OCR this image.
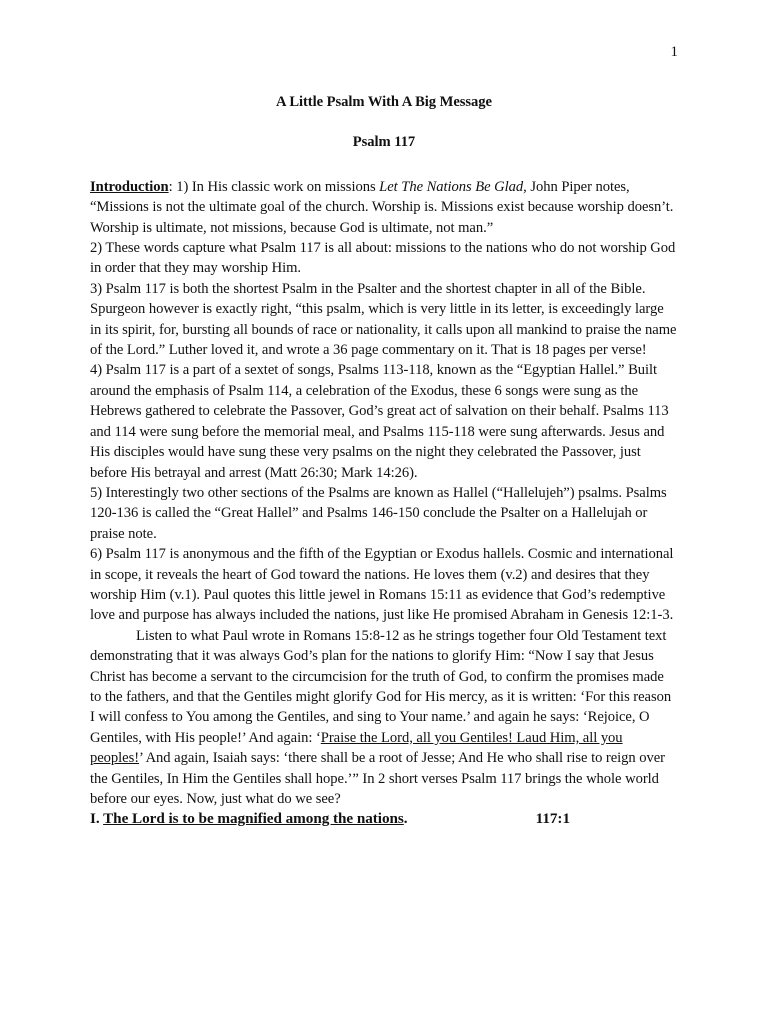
1

A Little Psalm With A Big Message

Psalm 117

Introduction: 1) In His classic work on missions Let The Nations Be Glad, John Piper notes, “Missions is not the ultimate goal of the church. Worship is. Missions exist because worship doesn’t. Worship is ultimate, not missions, because God is ultimate, not man.”

2) These words capture what Psalm 117 is all about: missions to the nations who do not worship God in order that they may worship Him.

3) Psalm 117 is both the shortest Psalm in the Psalter and the shortest chapter in all of the Bible. Spurgeon however is exactly right, “this psalm, which is very little in its letter, is exceedingly large in its spirit, for, bursting all bounds of race or nationality, it calls upon all mankind to praise the name of the Lord.” Luther loved it, and wrote a 36 page commentary on it. That is 18 pages per verse!

4) Psalm 117 is a part of a sextet of songs, Psalms 113-118, known as the “Egyptian Hallel.” Built around the emphasis of Psalm 114, a celebration of the Exodus, these 6 songs were sung as the Hebrews gathered to celebrate the Passover, God’s great act of salvation on their behalf. Psalms 113 and 114 were sung before the memorial meal, and Psalms 115-118 were sung afterwards. Jesus and His disciples would have sung these very psalms on the night they celebrated the Passover, just before His betrayal and arrest (Matt 26:30; Mark 14:26).

5) Interestingly two other sections of the Psalms are known as Hallel (“Hallelujeh”) psalms. Psalms 120-136 is called the “Great Hallel” and Psalms 146-150 conclude the Psalter on a Hallelujah or praise note.

6) Psalm 117 is anonymous and the fifth of the Egyptian or Exodus hallels. Cosmic and international in scope, it reveals the heart of God toward the nations. He loves them (v.2) and desires that they worship Him (v.1). Paul quotes this little jewel in Romans 15:11 as evidence that God’s redemptive love and purpose has always included the nations, just like He promised Abraham in Genesis 12:1-3.

Listen to what Paul wrote in Romans 15:8-12 as he strings together four Old Testament text demonstrating that it was always God’s plan for the nations to glorify Him: “Now I say that Jesus Christ has become a servant to the circumcision for the truth of God, to confirm the promises made to the fathers, and that the Gentiles might glorify God for His mercy, as it is written: ‘For this reason I will confess to You among the Gentiles, and sing to Your name.’ and again he says: ‘Rejoice, O Gentiles, with His people!’ And again: ‘Praise the Lord, all you Gentiles! Laud Him, all you peoples!’ And again, Isaiah says: ‘there shall be a root of Jesse; And He who shall rise to reign over the Gentiles, In Him the Gentiles shall hope.’” In 2 short verses Psalm 117 brings the whole world before our eyes. Now, just what do we see?

I. The Lord is to be magnified among the nations.	117:1
